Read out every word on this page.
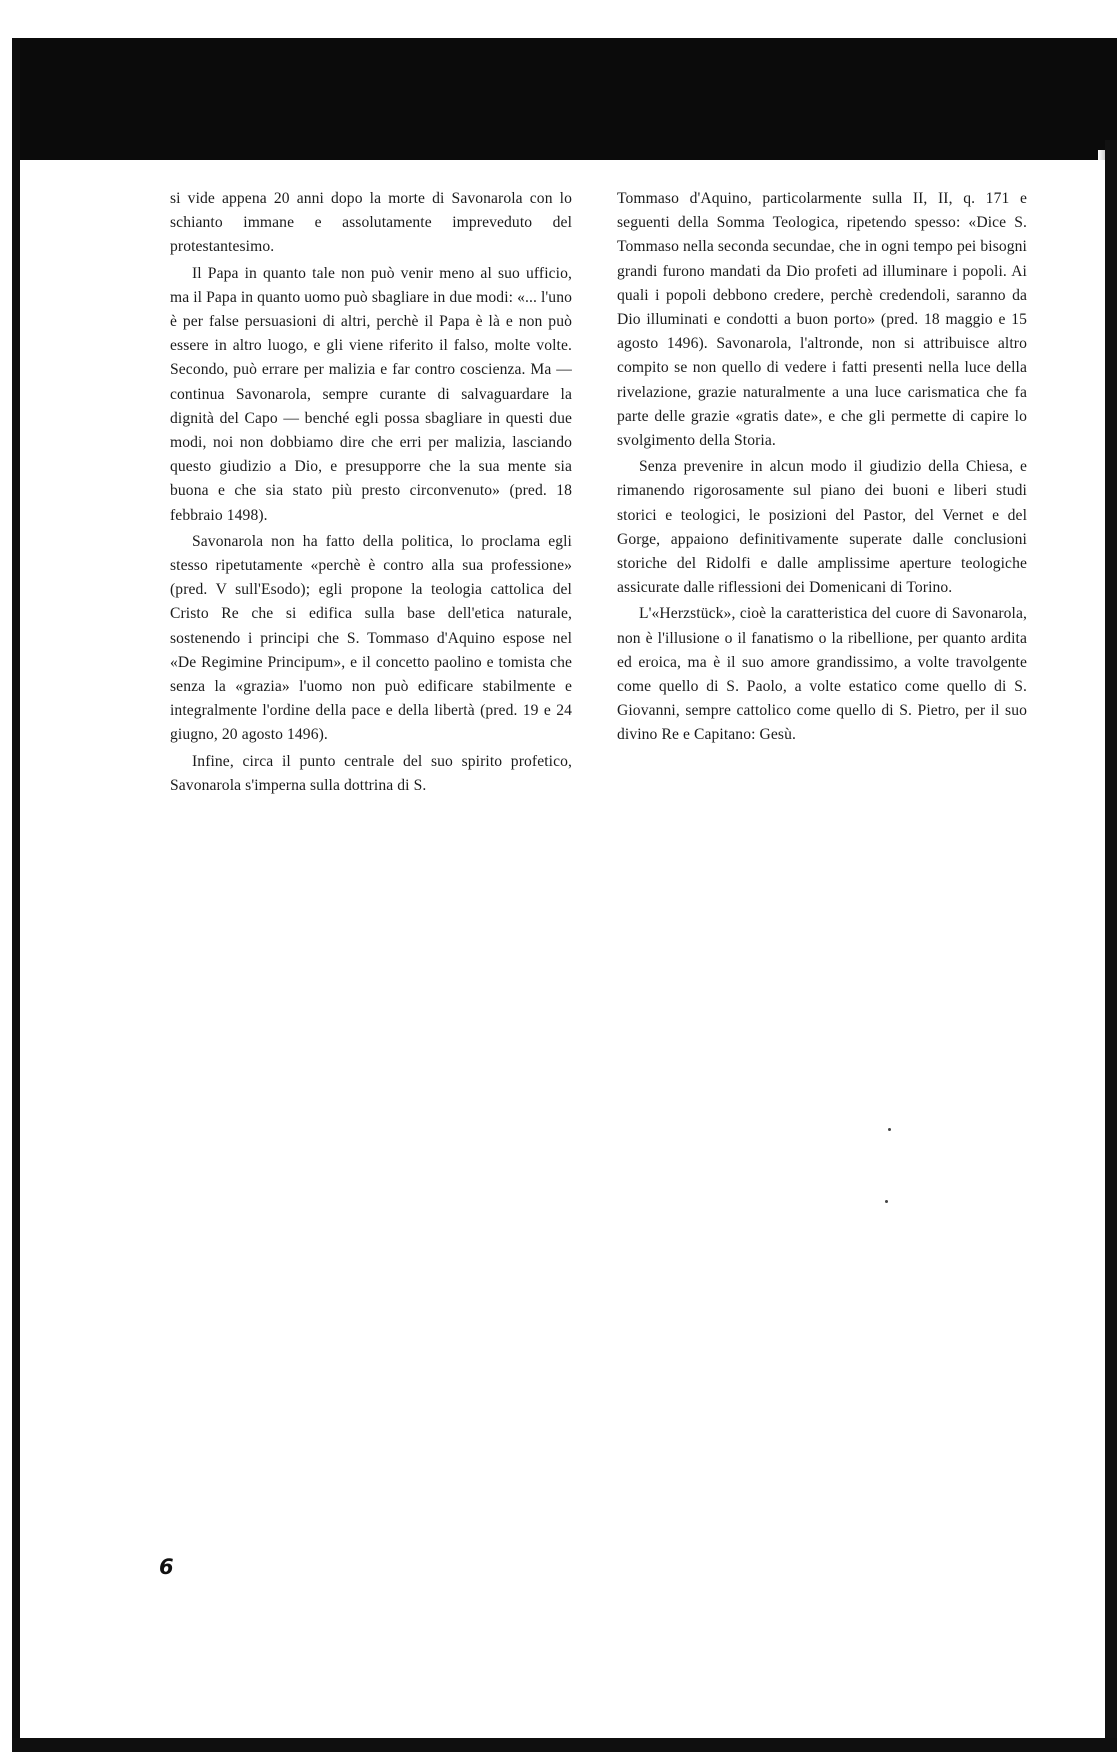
si vide appena 20 anni dopo la morte di Savonarola con lo schianto immane e assolutamente imprevеduto del protestantesimo.

Il Papa in quanto tale non può venir meno al suo ufficio, ma il Papa in quanto uomo può sbagliare in due modi: «... l'uno è per false persuasioni di altri, perchè il Papa è là e non può essere in altro luogo, e gli viene riferito il falso, molte volte. Secondo, può errare per malizia e far contro coscienza. Ma — continua Savonarola, sempre curante di salvaguardare la dignità del Capo — benché egli possa sbagliare in questi due modi, noi non dobbiamo dire che erri per malizia, lasciando questo giudizio a Dio, e presupporre che la sua mente sia buona e che sia stato più presto circonvenuto» (pred. 18 febbraio 1498).

Savonarola non ha fatto della politica, lo proclama egli stesso ripetutamente «perchè è contro alla sua professione» (pred. V sull'Esodo); egli propone la teologia cattolica del Cristo Re che si edifica sulla base dell'etica naturale, sostenendo i principi che S. Tommaso d'Aquino espose nel «De Regimine Principum», e il concetto paolino e tomista che senza la «grazia» l'uomo non può edificare stabilmente e integralmente l'ordine della pace e della libertà (pred. 19 e 24 giugno, 20 agosto 1496).

Infine, circa il punto centrale del suo spirito profetico, Savonarola s'imperna sulla dottrina di S.

Tommaso d'Aquino, particolarmente sulla II, II, q. 171 e seguenti della Somma Teologica, ripetendo spesso: «Dice S. Tommaso nella seconda secundae, che in ogni tempo pei bisogni grandi furono mandati da Dio profeti ad illuminare i popoli. Ai quali i popoli debbono credere, perchè credendoli, saranno da Dio illuminati e condotti a buon porto» (pred. 18 maggio e 15 agosto 1496). Savonarola, l'altronde, non si attribuisce altro compito se non quello di vedere i fatti presenti nella luce della rivelazione, grazie naturalmente a una luce carismatica che fa parte delle grazie «gratis date», e che gli permette di capire lo svolgimento della Storia.

Senza prevenire in alcun modo il giudizio della Chiesa, e rimanendo rigorosamente sul piano dei buoni e liberi studi storici e teologici, le posizioni del Pastor, del Vernet e del Gorge, appaiono definitivamente superate dalle conclusioni storiche del Ridolfi e dalle amplissime aperture teologiche assicurate dalle riflessioni dei Domenicani di Torino.

L'«Herzstück», cioè la caratteristica del cuore di Savonarola, non è l'illusione o il fanatismo o la ribellione, per quanto ardita ed eroica, ma è il suo amore grandissimo, a volte travolgente come quello di S. Paolo, a volte estatico come quello di S. Giovanni, sempre cattolico come quello di S. Pietro, per il suo divino Re e Capitano: Gesù.

6
